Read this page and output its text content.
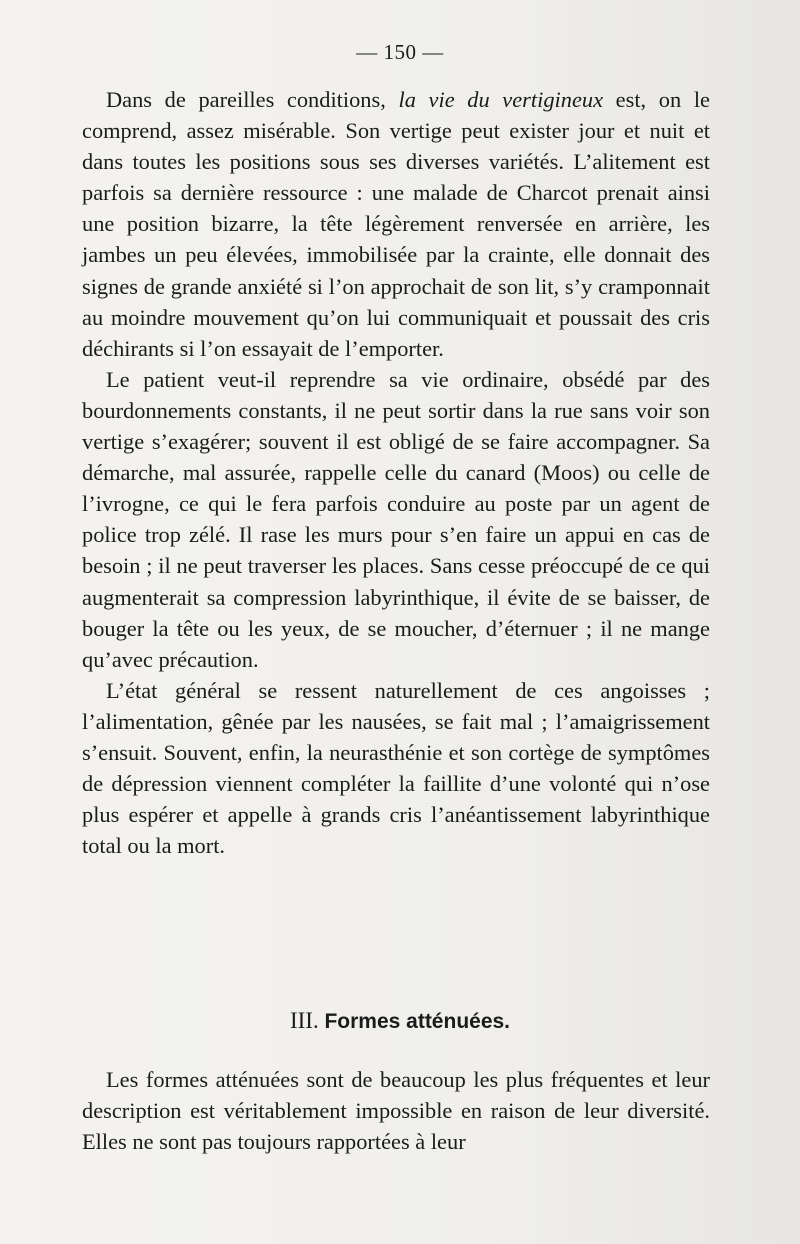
— 150 —

Dans de pareilles conditions, la vie du vertigineux est, on le comprend, assez misérable. Son vertige peut exister jour et nuit et dans toutes les positions sous ses diverses variétés. L’alitement est parfois sa dernière ressource : une malade de Charcot prenait ainsi une position bizarre, la tête légèrement renversée en arrière, les jambes un peu élevées, immobilisée par la crainte, elle donnait des signes de grande anxiété si l’on approchait de son lit, s’y cramponnait au moindre mouvement qu’on lui communiquait et poussait des cris déchirants si l’on essayait de l’emporter.

Le patient veut-il reprendre sa vie ordinaire, obsédé par des bourdonnements constants, il ne peut sortir dans la rue sans voir son vertige s’exagérer; souvent il est obligé de se faire accompagner. Sa démarche, mal assurée, rappelle celle du canard (Moos) ou celle de l’ivrogne, ce qui le fera parfois conduire au poste par un agent de police trop zélé. Il rase les murs pour s’en faire un appui en cas de besoin ; il ne peut traverser les places. Sans cesse préoccupé de ce qui augmenterait sa compression labyrinthique, il évite de se baisser, de bouger la tête ou les yeux, de se moucher, d’éternuer ; il ne mange qu’avec précaution.

L’état général se ressent naturellement de ces angoisses ; l’alimentation, gênée par les nausées, se fait mal ; l’amaigrissement s’ensuit. Souvent, enfin, la neurasthénie et son cortège de symptômes de dépression viennent compléter la faillite d’une volonté qui n’ose plus espérer et appelle à grands cris l’anéantissement labyrinthique total ou la mort.

III. Formes atténuées.

Les formes atténuées sont de beaucoup les plus fréquentes et leur description est véritablement impossible en raison de leur diversité. Elles ne sont pas toujours rapportées à leur
